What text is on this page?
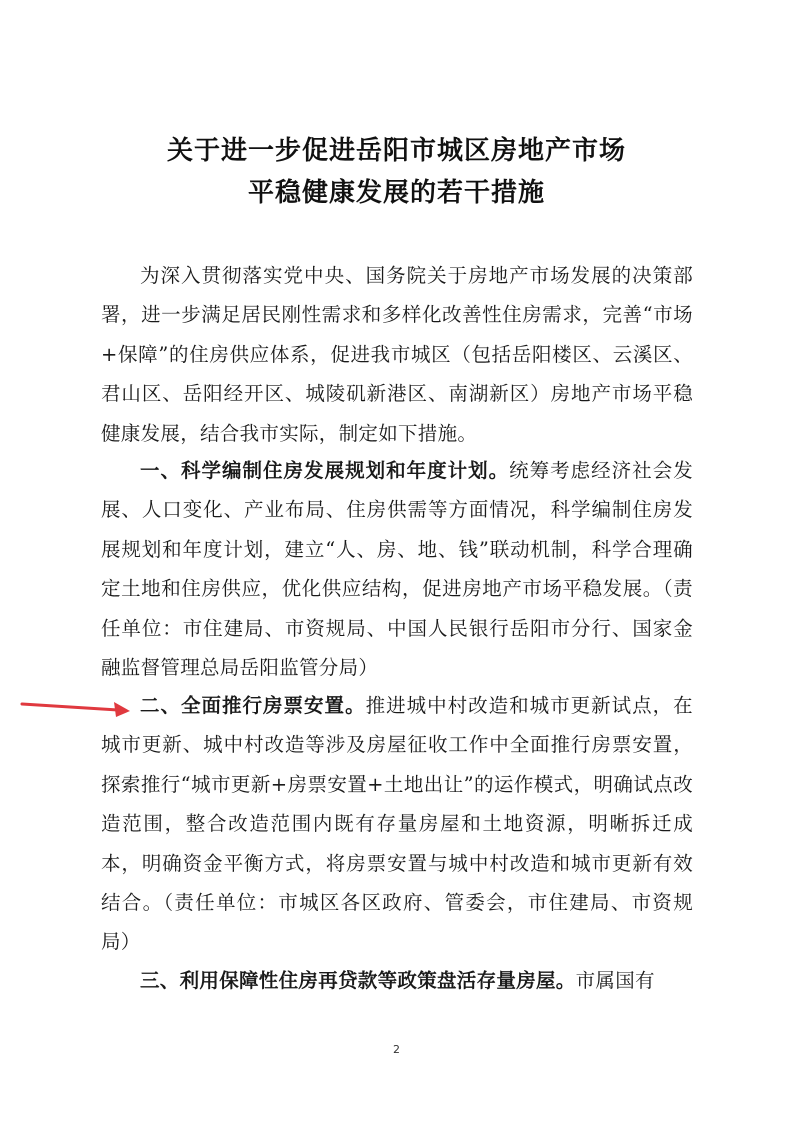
关于进一步促进岳阳市城区房地产市场
平稳健康发展的若干措施
为深入贯彻落实党中央、国务院关于房地产市场发展的决策部署，进一步满足居民刚性需求和多样化改善性住房需求，完善“市场+保障”的住房供应体系，促进我市城区（包括岳阳楼区、云溪区、君山区、岳阳经开区、城陵矶新港区、南湖新区）房地产市场平稳健康发展，结合我市实际，制定如下措施。
一、科学编制住房发展规划和年度计划。统筹考虑经济社会发展、人口变化、产业布局、住房供需等方面情况，科学编制住房发展规划和年度计划，建立“人、房、地、钱”联动机制，科学合理确定土地和住房供应，优化供应结构，促进房地产市场平稳发展。（责任单位：市住建局、市资规局、中国人民银行岳阳市分行、国家金融监督管理总局岳阳监管分局）
二、全面推行房票安置。推进城中村改造和城市更新试点，在城市更新、城中村改造等涉及房屋征收工作中全面推行房票安置，探索推行“城市更新+房票安置+土地出让”的运作模式，明确试点改造范围，整合改造范围内既有存量房屋和土地资源，明晰拆迁成本，明确资金平衡方式，将房票安置与城中村改造和城市更新有效结合。（责任单位：市城区各区政府、管委会，市住建局、市资规局）
三、利用保障性住房再贷款等政策盘活存量房屋。市属国有
2
